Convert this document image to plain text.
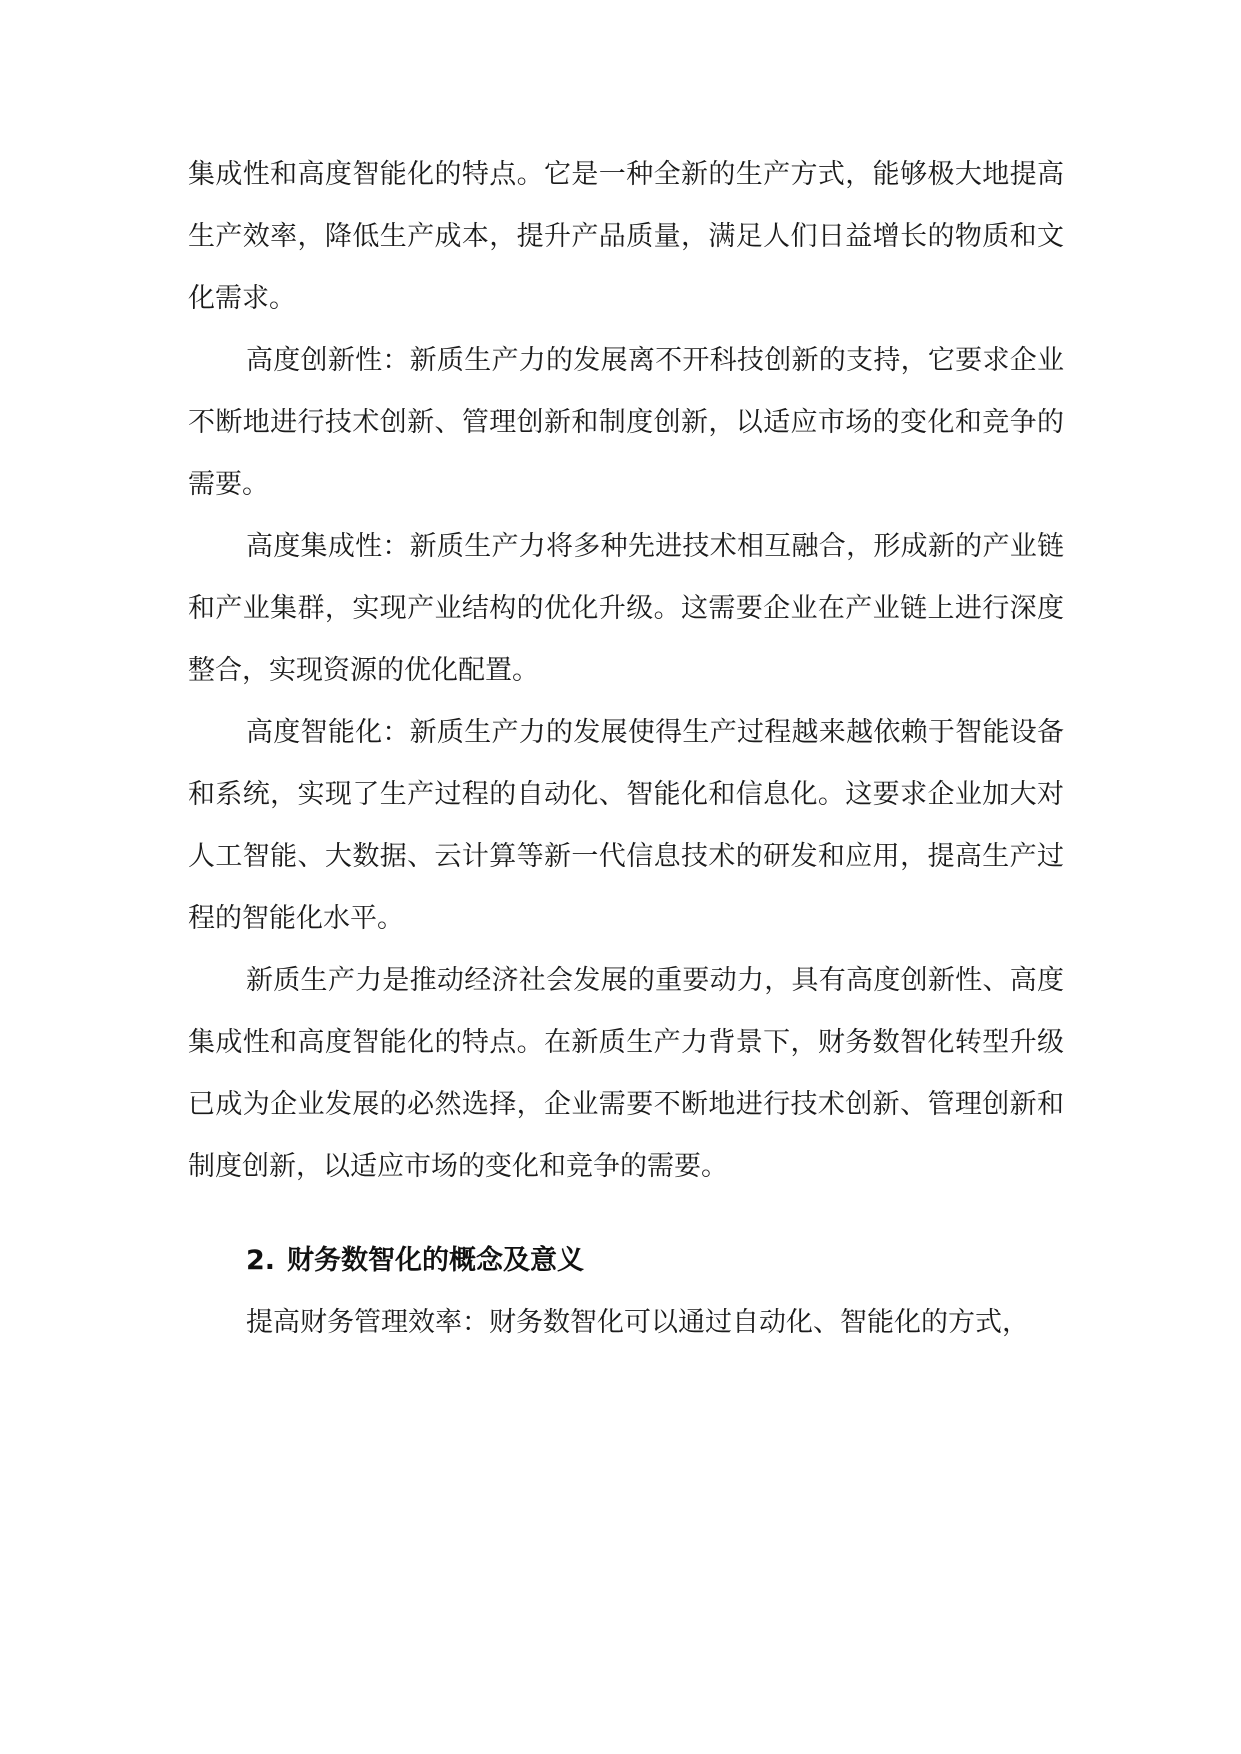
集成性和高度智能化的特点。它是一种全新的生产方式，能够极大地提高生产效率，降低生产成本，提升产品质量，满足人们日益增长的物质和文化需求。

高度创新性：新质生产力的发展离不开科技创新的支持，它要求企业不断地进行技术创新、管理创新和制度创新，以适应市场的变化和竞争的需要。

高度集成性：新质生产力将多种先进技术相互融合，形成新的产业链和产业集群，实现产业结构的优化升级。这需要企业在产业链上进行深度整合，实现资源的优化配置。

高度智能化：新质生产力的发展使得生产过程越来越依赖于智能设备和系统，实现了生产过程的自动化、智能化和信息化。这要求企业加大对人工智能、大数据、云计算等新一代信息技术的研发和应用，提高生产过程的智能化水平。

新质生产力是推动经济社会发展的重要动力，具有高度创新性、高度集成性和高度智能化的特点。在新质生产力背景下，财务数智化转型升级已成为企业发展的必然选择，企业需要不断地进行技术创新、管理创新和制度创新，以适应市场的变化和竞争的需要。

2. 财务数智化的概念及意义

提高财务管理效率：财务数智化可以通过自动化、智能化的方式，
